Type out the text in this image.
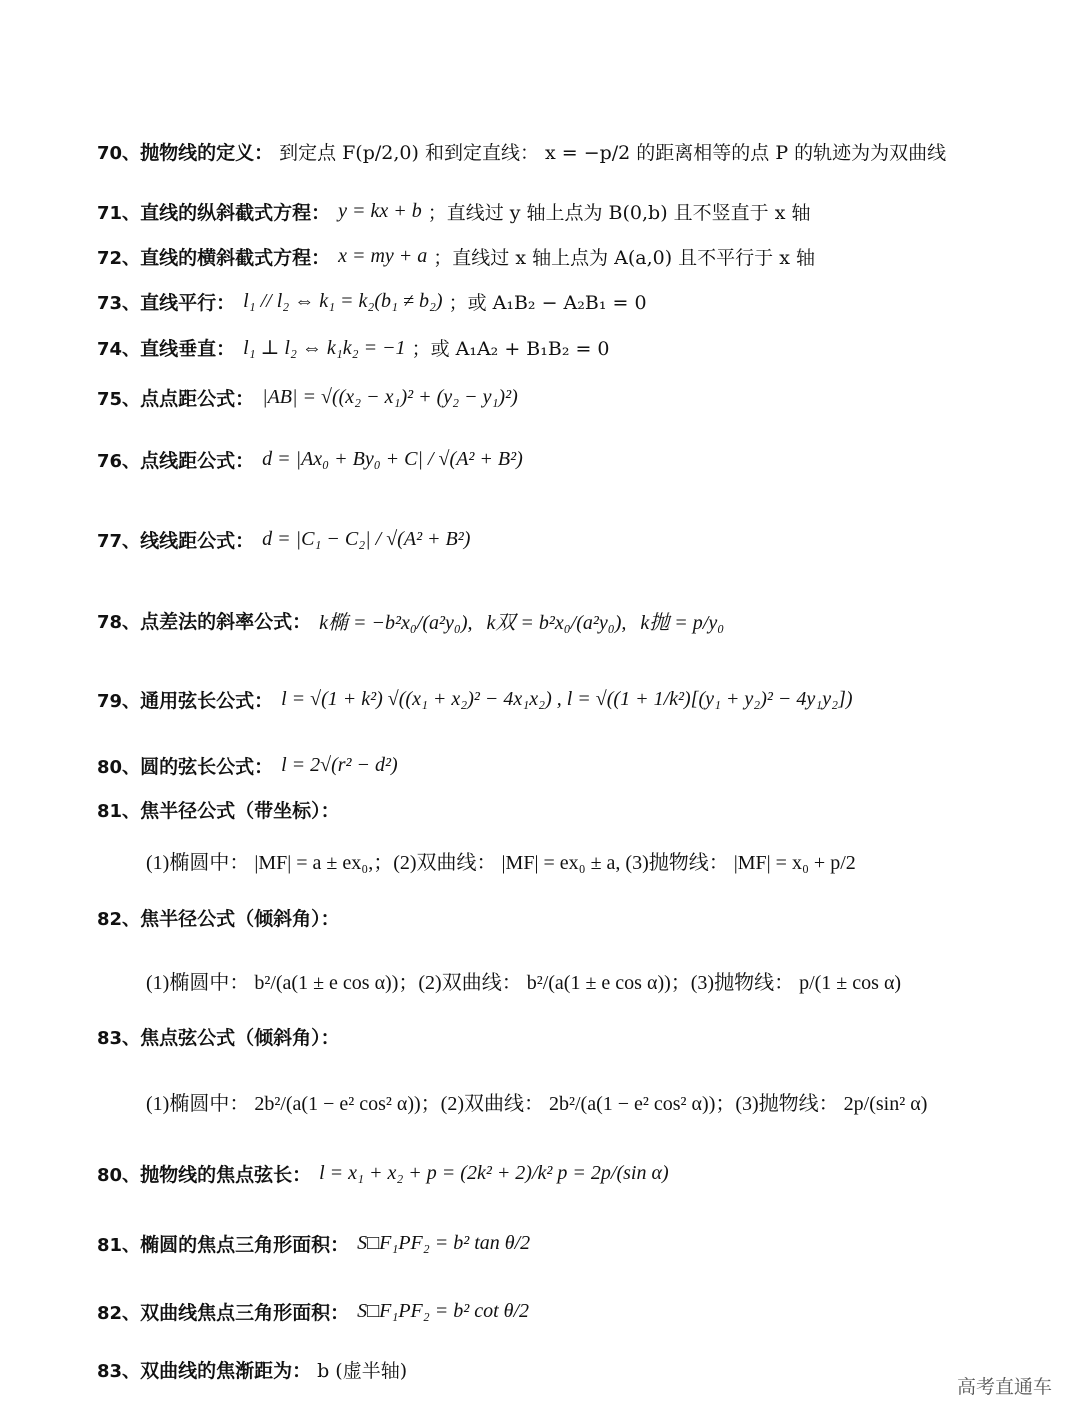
70、 抛物线的定义： 到定点 F(p/2,0) 和到定直线： x = −p/2 的距离相等的点 P 的轨迹为为双曲线
71、 直线的纵斜截式方程： y = kx + b ；直线过 y 轴上点为 B(0,b) 且不竖直于 x 轴
72、 直线的横斜截式方程： x = my + a ；直线过 x 轴上点为 A(a,0) 且不平行于 x 轴
73、 直线平行： l₁ // l₂ ⇔ k₁ = k₂(b₁ ≠ b₂) ；或 A₁B₂ − A₂B₁ = 0
74、 直线垂直： l₁ ⊥ l₂ ⇔ k₁k₂ = −1 ；或 A₁A₂ + B₁B₂ = 0
75、 点点距公式： |AB| = √((x₂ − x₁)² + (y₂ − y₁)²)
76、 点线距公式： d = |Ax₀ + By₀ + C| / √(A² + B²)
77、 线线距公式： d = |C₁ − C₂| / √(A² + B²)
78、 点差法的斜率公式： k椭 = −b²x₀/(a²y₀), k双 = b²x₀/(a²y₀), k抛 = p/y₀
79、 通用弦长公式： l = √(1 + k²) √((x₁ + x₂)² − 4x₁x₂) , l = √((1 + 1/k²)[(y₁ + y₂)² − 4y₁y₂])
80、 圆的弦长公式： l = 2√(r² − d²)
81、 焦半径公式（带坐标）：
(1)椭圆中： |MF| = a ± ex₀,；(2)双曲线： |MF| = ex₀ ± a, (3)抛物线： |MF| = x₀ + p/2
82、 焦半径公式（倾斜角）：
(1)椭圆中： b²/(a(1 ± e cos α))；(2)双曲线： b²/(a(1 ± e cos α))；(3)抛物线： p/(1 ± cos α)
83、 焦点弦公式（倾斜角）：
(1)椭圆中： 2b²/(a(1 − e² cos² α))；(2)双曲线： 2b²/(a(1 − e² cos² α))；(3)抛物线： 2p/(sin² α)
80、 抛物线的焦点弦长： l = x₁ + x₂ + p = (2k² + 2)/k² p = 2p/(sin α)
81、 椭圆的焦点三角形面积： S□F₁PF₂ = b² tan θ/2
82、 双曲线焦点三角形面积： S□F₁PF₂ = b² cot θ/2
83、 双曲线的焦渐距为： b (虚半轴)
高考直通车
